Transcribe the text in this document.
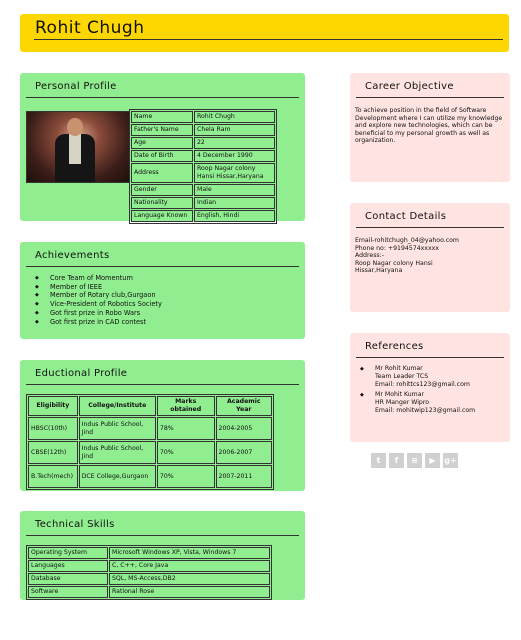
Rohit Chugh
Personal Profile
Name	Rohit Chugh
Father's Name	Chela Ram
Age	22
Date of Birth	4 December 1990
Address	Roop Nagar colony Hansi Hissar,Haryana
Gender	Male
Nationality	Indian
Language Known	English, Hindi
Achievements
◆ Core Team of Momentum
◆ Member of IEEE
◆ Member of Rotary club,Gurgaon
◆ Vice-President of Robotics Society
◆ Got first prize in Robo Wars
◆ Got first prize in CAD contest
Eductional Profile
Eligibility	College/Institute	Marks obtained	Academic Year
HBSC(10th)	Indus Public School, Jind	78%	2004-2005
CBSE(12th)	Indus Public School, Jind	70%	2006-2007
B.Tech(mech)	DCE College,Gurgaon	70%	2007-2011
Technical Skills
Operating System	Microsoft Windows XP, Vista, Windows 7
Languages	C, C++, Core Java
Database	SQL, MS-Access,DB2
Software	Rational Rose
Career Objective
To achieve position in the field of Software Development where I can utilize my knowledge and explore new technologies, which can be beneficial to my personal growth as well as organization.
Contact Details
Email-rohitchugh_04@yahoo.com
Phone no: +9194574xxxxx
Address:-
Roop Nagar colony Hansi
Hissar,Haryana
References
◆ Mr Rohit Kumar
Team Leader TCS
Email: rohittcs123@gmail.com
◆ Mr Mohit Kumar
HR Manger Wipro
Email: mohitwip123@gmail.com
t	f	≡	▶	g+
